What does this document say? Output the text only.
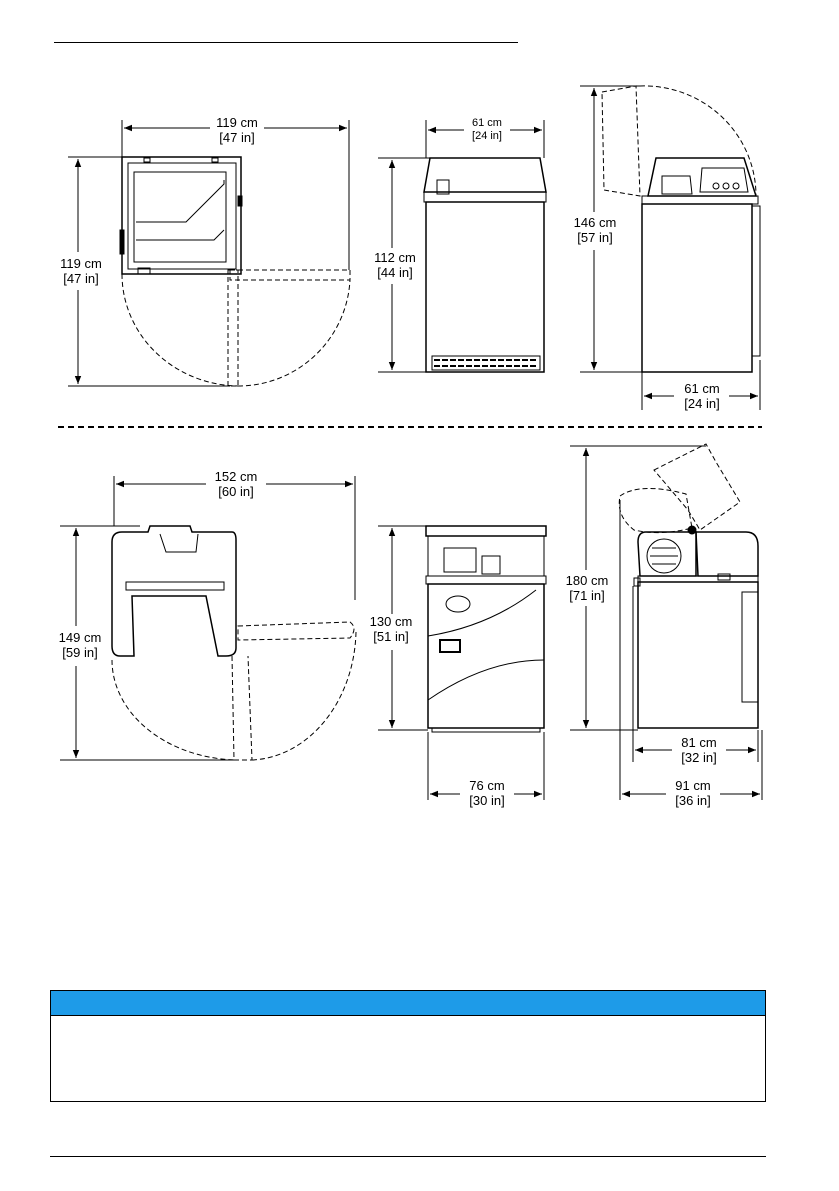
119 cm
[47 in]
119 cm
[47 in]
61 cm
[24 in]
112 cm
[44 in]
146 cm
[57 in]
61 cm
[24 in]
152 cm
[60 in]
149 cm
[59 in]
130 cm
[51 in]
76 cm
[30 in]
180 cm
[71 in]
81 cm
[32 in]
91 cm
[36 in]
